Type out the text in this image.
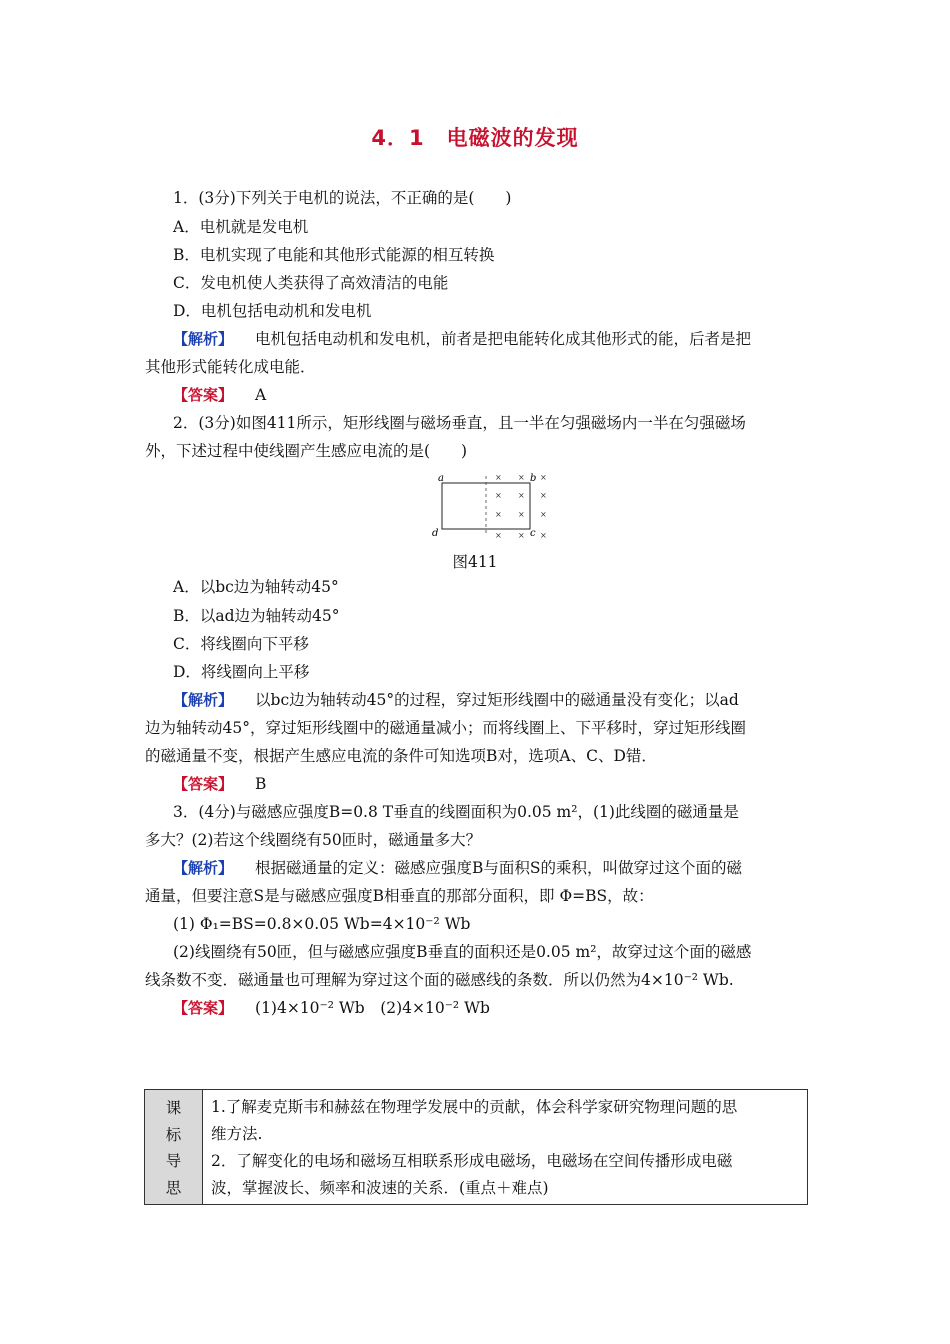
4．1　电磁波的发现
1．(3分)下列关于电机的说法，不正确的是(　　)
A．电机就是发电机
B．电机实现了电能和其他形式能源的相互转换
C．发电机使人类获得了高效清洁的电能
D．电机包括电动机和发电机
【解析】 电机包括电动机和发电机，前者是把电能转化成其他形式的能，后者是把
其他形式能转化成电能．
【答案】 A
2．(3分)如图411所示，矩形线圈与磁场垂直，且一半在匀强磁场内一半在匀强磁场
外，下述过程中使线圈产生感应电流的是(　　)
a	b
c
d
× ×
× × ×
×
× × ×
× × ×
图411
A．以bc边为轴转动45°
B．以ad边为轴转动45°
C．将线圈向下平移
D．将线圈向上平移
【解析】 以bc边为轴转动45°的过程，穿过矩形线圈中的磁通量没有变化；以ad
边为轴转动45°，穿过矩形线圈中的磁通量减小；而将线圈上、下平移时，穿过矩形线圈
的磁通量不变，根据产生感应电流的条件可知选项B对，选项A、C、D错．
【答案】 B
3．(4分)与磁感应强度B=0.8 T垂直的线圈面积为0.05 m²，(1)此线圈的磁通量是
多大？(2)若这个线圈绕有50匝时，磁通量多大？
【解析】 根据磁通量的定义：磁感应强度B与面积S的乘积，叫做穿过这个面的磁
通量，但要注意S是与磁感应强度B相垂直的那部分面积，即 Φ=BS，故：
(1) Φ₁=BS=0.8×0.05 Wb=4×10⁻² Wb
(2)线圈绕有50匝，但与磁感应强度B垂直的面积还是0.05 m²，故穿过这个面的磁感
线条数不变．磁通量也可理解为穿过这个面的磁感线的条数．所以仍然为4×10⁻² Wb.
【答案】 (1)4×10⁻² Wb　(2)4×10⁻² Wb
课
标
导
思
1.了解麦克斯韦和赫兹在物理学发展中的贡献，体会科学家研究物理问题的思
维方法.
2．了解变化的电场和磁场互相联系形成电磁场，电磁场在空间传播形成电磁
波，掌握波长、频率和波速的关系．(重点＋难点)
